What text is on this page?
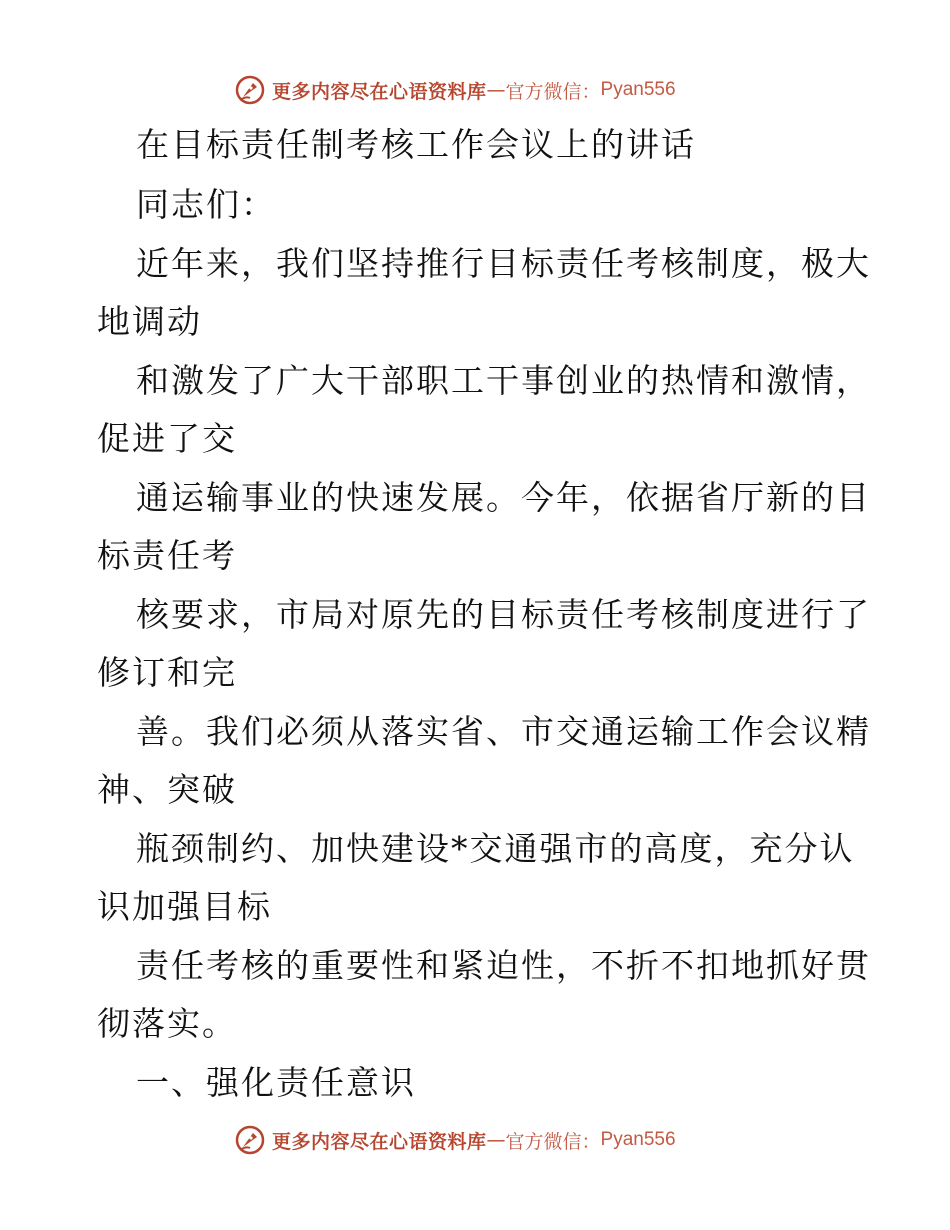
更多内容尽在心语资料库 — 官方微信： Pyan556
在目标责任制考核工作会议上的讲话
同志们：
近年来，我们坚持推行目标责任考核制度，极大
地调动
和激发了广大干部职工干事创业的热情和激情，
促进了交
通运输事业的快速发展。今年，依据省厅新的目
标责任考
核要求，市局对原先的目标责任考核制度进行了
修订和完
善。我们必须从落实省、市交通运输工作会议精
神、突破
瓶颈制约、加快建设*交通强市的高度，充分认
识加强目标
责任考核的重要性和紧迫性，不折不扣地抓好贯
彻落实。
一、强化责任意识
更多内容尽在心语资料库 — 官方微信： Pyan556
